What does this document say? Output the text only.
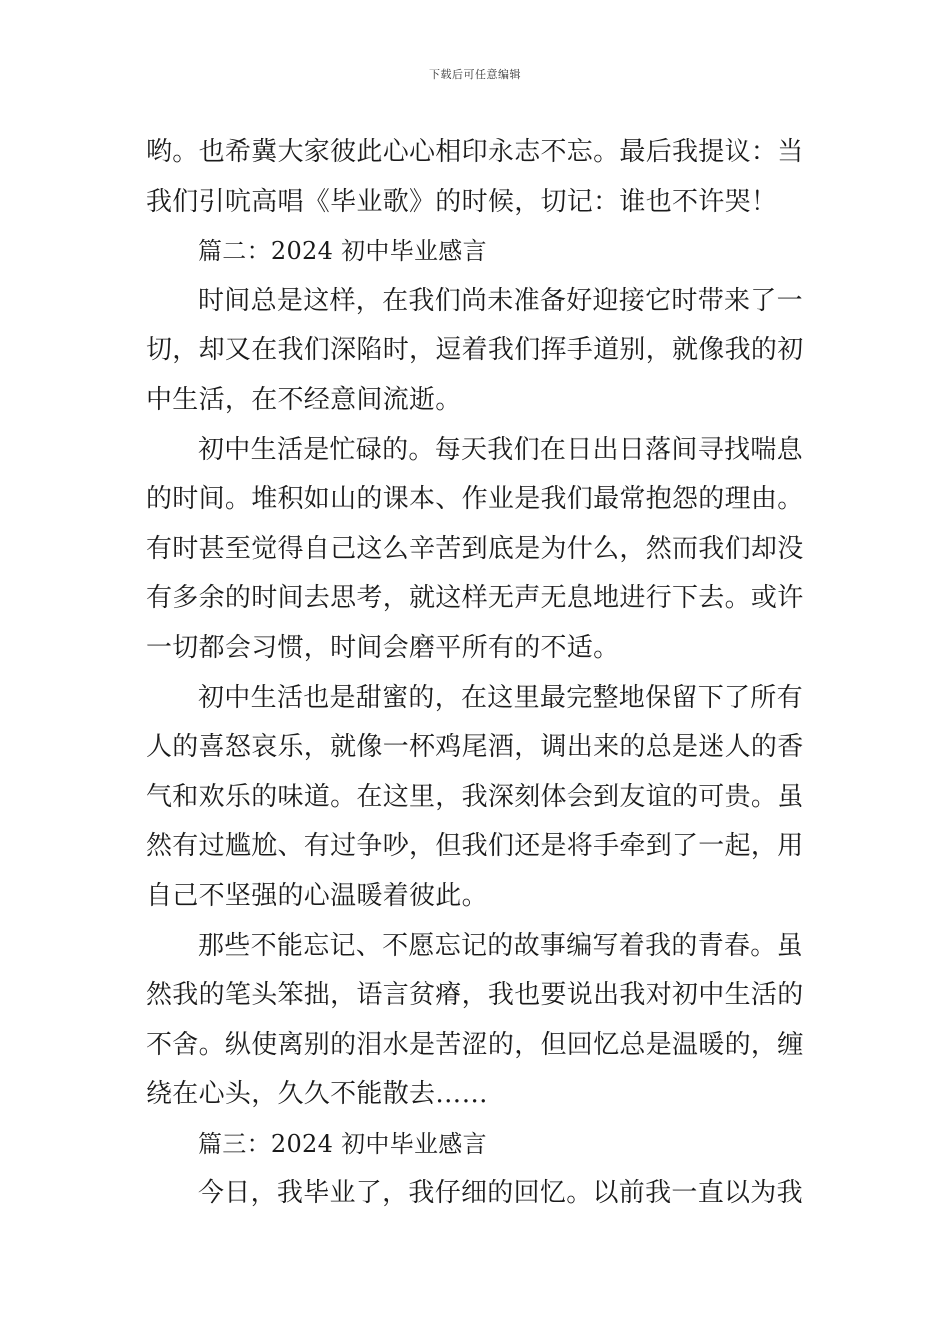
下载后可任意编辑
哟。也希冀大家彼此心心相印永志不忘。最后我提议：当
我们引吭高唱《毕业歌》的时候，切记：谁也不许哭！
篇二：2024 初中毕业感言
时间总是这样，在我们尚未准备好迎接它时带来了一
切，却又在我们深陷时，逗着我们挥手道别，就像我的初
中生活，在不经意间流逝。
初中生活是忙碌的。每天我们在日出日落间寻找喘息
的时间。堆积如山的课本、作业是我们最常抱怨的理由。
有时甚至觉得自己这么辛苦到底是为什么，然而我们却没
有多余的时间去思考，就这样无声无息地进行下去。或许
一切都会习惯，时间会磨平所有的不适。
初中生活也是甜蜜的，在这里最完整地保留下了所有
人的喜怒哀乐，就像一杯鸡尾酒，调出来的总是迷人的香
气和欢乐的味道。在这里，我深刻体会到友谊的可贵。虽
然有过尴尬、有过争吵，但我们还是将手牵到了一起，用
自己不坚强的心温暖着彼此。
那些不能忘记、不愿忘记的故事编写着我的青春。虽
然我的笔头笨拙，语言贫瘠，我也要说出我对初中生活的
不舍。纵使离别的泪水是苦涩的，但回忆总是温暖的，缠
绕在心头，久久不能散去……
篇三：2024 初中毕业感言
今日，我毕业了，我仔细的回忆。以前我一直以为我
